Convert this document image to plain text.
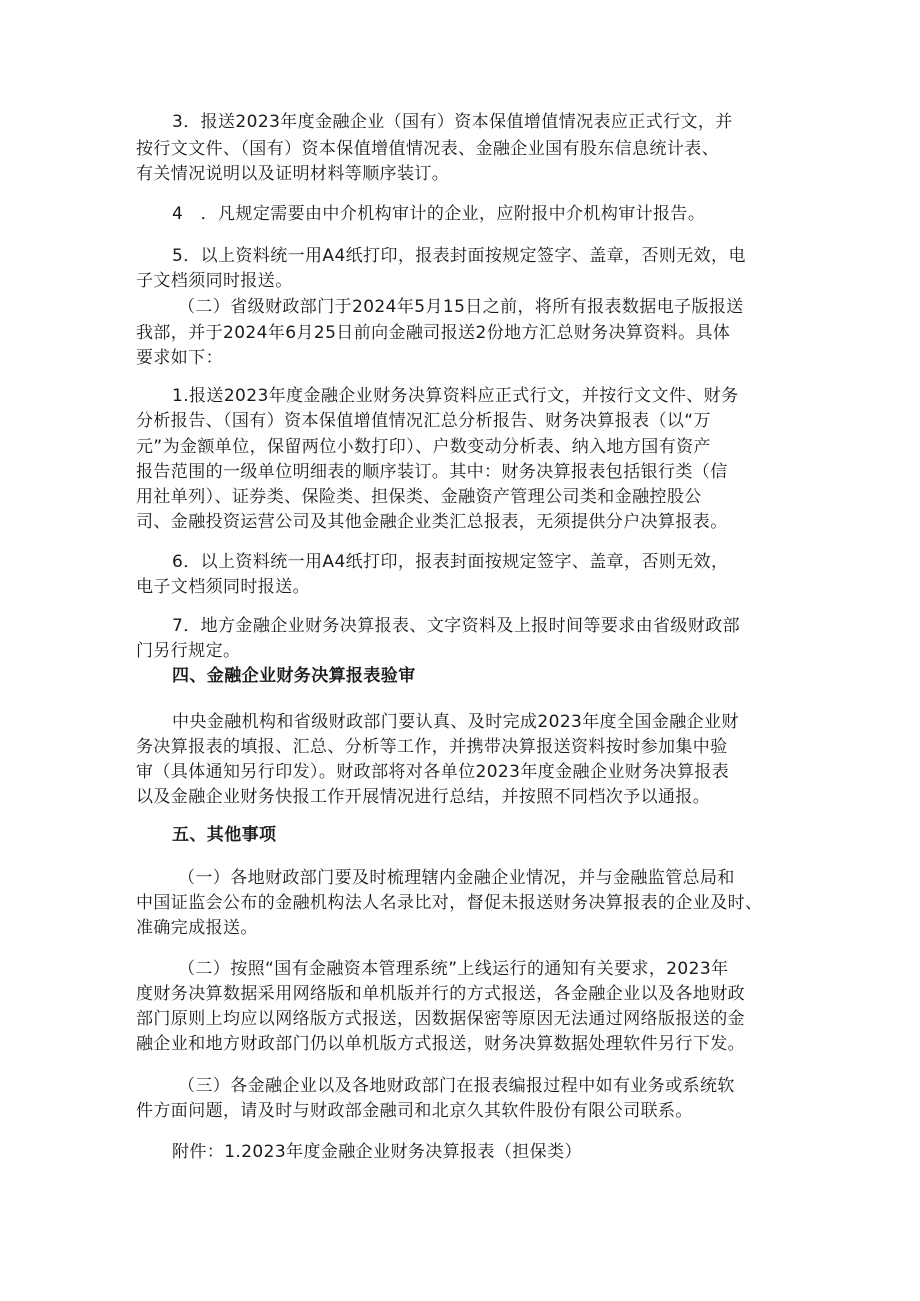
3．报送2023年度金融企业（国有）资本保值增值情况表应正式行文，并
按行文文件、（国有）资本保值增值情况表、金融企业国有股东信息统计表、
有关情况说明以及证明材料等顺序装订。
4　．凡规定需要由中介机构审计的企业，应附报中介机构审计报告。
5．以上资料统一用A4纸打印，报表封面按规定签字、盖章，否则无效，电
子文档须同时报送。
（二）省级财政部门于2024年5月15日之前，将所有报表数据电子版报送
我部，并于2024年6月25日前向金融司报送2份地方汇总财务决算资料。具体
要求如下：
1.报送2023年度金融企业财务决算资料应正式行文，并按行文文件、财务
分析报告、（国有）资本保值增值情况汇总分析报告、财务决算报表（以“万
元”为金额单位，保留两位小数打印）、户数变动分析表、纳入地方国有资产
报告范围的一级单位明细表的顺序装订。其中：财务决算报表包括银行类（信
用社单列）、证券类、保险类、担保类、金融资产管理公司类和金融控股公
司、金融投资运营公司及其他金融企业类汇总报表，无须提供分户决算报表。
6．以上资料统一用A4纸打印，报表封面按规定签字、盖章，否则无效，
电子文档须同时报送。
7．地方金融企业财务决算报表、文字资料及上报时间等要求由省级财政部
门另行规定。
四、金融企业财务决算报表验审
中央金融机构和省级财政部门要认真、及时完成2023年度全国金融企业财
务决算报表的填报、汇总、分析等工作，并携带决算报送资料按时参加集中验
审（具体通知另行印发）。财政部将对各单位2023年度金融企业财务决算报表
以及金融企业财务快报工作开展情况进行总结，并按照不同档次予以通报。
五、其他事项
（一）各地财政部门要及时梳理辖内金融企业情况，并与金融监管总局和
中国证监会公布的金融机构法人名录比对，督促未报送财务决算报表的企业及时、
准确完成报送。
（二）按照“国有金融资本管理系统”上线运行的通知有关要求，2023年
度财务决算数据采用网络版和单机版并行的方式报送，各金融企业以及各地财政
部门原则上均应以网络版方式报送，因数据保密等原因无法通过网络版报送的金
融企业和地方财政部门仍以单机版方式报送，财务决算数据处理软件另行下发。
（三）各金融企业以及各地财政部门在报表编报过程中如有业务或系统软
件方面问题，请及时与财政部金融司和北京久其软件股份有限公司联系。
附件：1.2023年度金融企业财务决算报表（担保类）
